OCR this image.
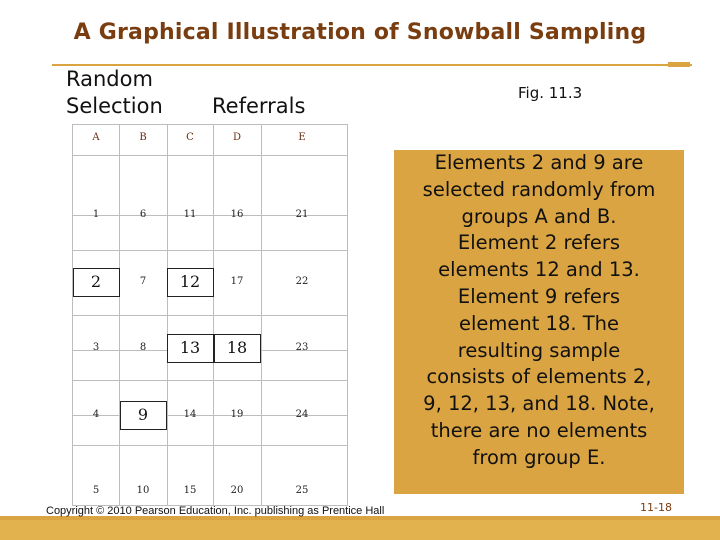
A Graphical Illustration of Snowball Sampling
Random
Selection Referrals
Fig. 11.3
A	B	C	D	E
1	6	11	16	21
2	7	12	17	22
3	8	13	18	23
4	9	14	19	24
5	10	15	20	25
Elements 2 and 9 are
selected randomly from
groups A and B.
Element 2 refers
elements 12 and 13.
Element 9 refers
element 18. The
resulting sample
consists of elements 2,
9, 12, 13, and 18. Note,
there are no elements
from group E.
Copyright © 2010 Pearson Education, Inc. publishing as Prentice Hall	11-18
